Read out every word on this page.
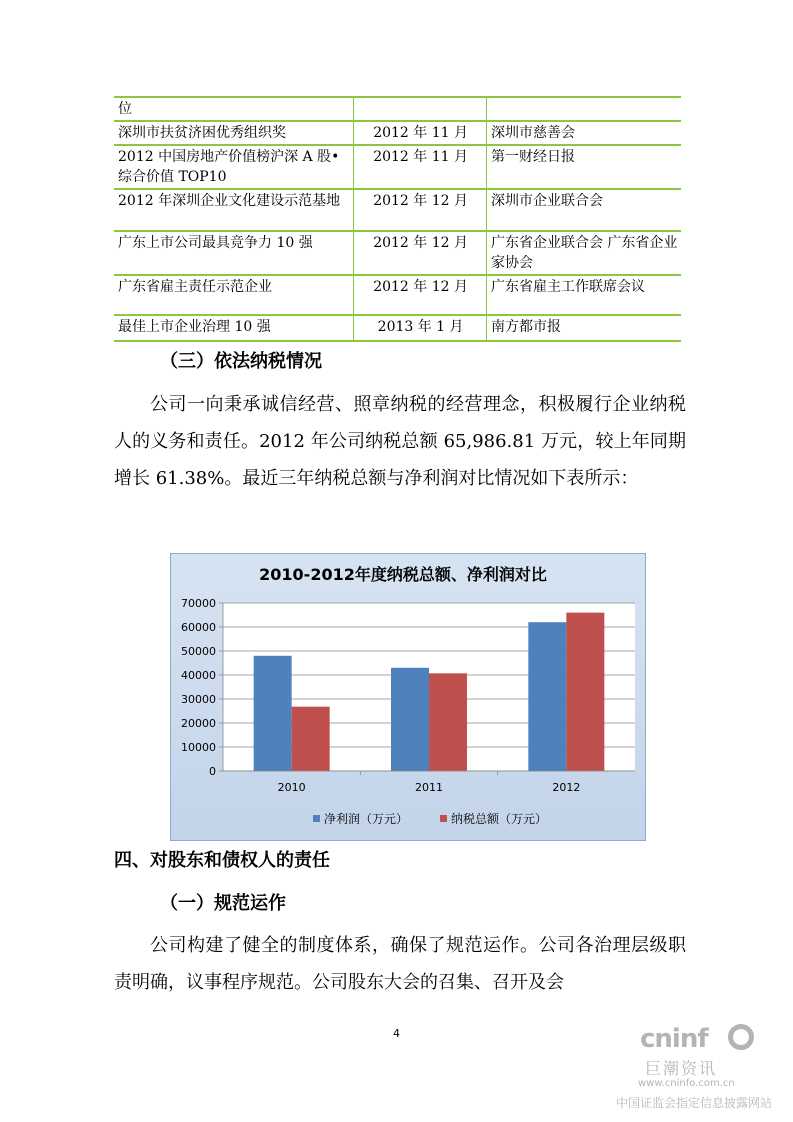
位		
深圳市扶贫济困优秀组织奖	2012 年 11 月	深圳市慈善会
2012 中国房地产价值榜沪深 A 股•综合价值 TOP10	2012 年 11 月	第一财经日报
2012 年深圳企业文化建设示范基地	2012 年 12 月	深圳市企业联合会
广东上市公司最具竞争力 10 强	2012 年 12 月	广东省企业联合会 广东省企业家协会
广东省雇主责任示范企业	2012 年 12 月	广东省雇主工作联席会议
最佳上市企业治理 10 强	2013 年 1 月	南方都市报
（三）依法纳税情况

公司一向秉承诚信经营、照章纳税的经营理念，积极履行企业纳税人的义务和责任。2012 年公司纳税总额 65,986.81 万元，较上年同期增长 61.38%。最近三年纳税总额与净利润对比情况如下表所示：

2010-2012年度纳税总额、净利润对比
0
10000
20000
30000
40000
50000
60000
70000
2010	2011	2012
净利润（万元）	纳税总额（万元）
四、对股东和债权人的责任
（一）规范运作

公司构建了健全的制度体系，确保了规范运作。公司各治理层级职责明确，议事程序规范。公司股东大会的召集、召开及会

4	cninf
巨潮资讯
www.cninfo.com.cn
中国证监会指定信息披露网站
